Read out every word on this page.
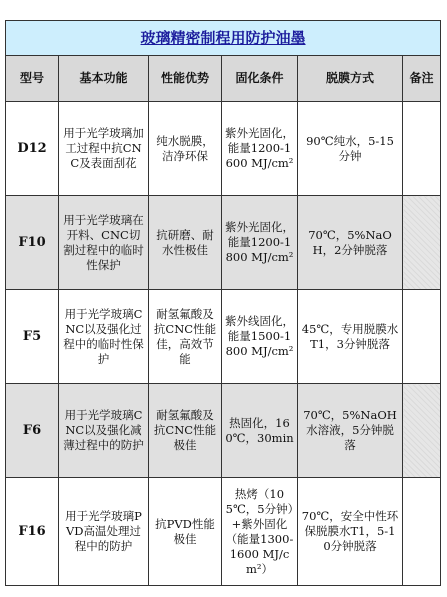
玻璃精密制程用防护油墨					
型号	基本功能	性能优势	固化条件	脱膜方式	备注
D12	用于光学玻璃加工过程中抗CNC及表面刮花	纯水脱膜，洁净环保	紫外光固化，能量1200-1600 MJ/cm²	90℃纯水，5-15分钟	
F10	用于光学玻璃在开料、CNC切割过程中的临时性保护	抗研磨、耐水性极佳	紫外光固化，能量1200-1800 MJ/cm²	70℃，5%NaOH，2分钟脱落	
F5	用于光学玻璃CNC以及强化过程中的临时性保护	耐氢氟酸及抗CNC性能佳，高效节能	紫外线固化，能量1500-1800 MJ/cm²	45℃，专用脱膜水T1，3分钟脱落	
F6	用于光学玻璃CNC以及强化减薄过程中的防护	耐氢氟酸及抗CNC性能极佳	热固化，160℃，30min	70℃，5%NaOH水溶液，5分钟脱落	
F16	用于光学玻璃PVD高温处理过程中的防护	抗PVD性能极佳	热烤（105℃，5分钟）+紫外固化（能量1300-1600 MJ/cm²）	70℃，安全中性环保脱膜水T1，5-10分钟脱落	
